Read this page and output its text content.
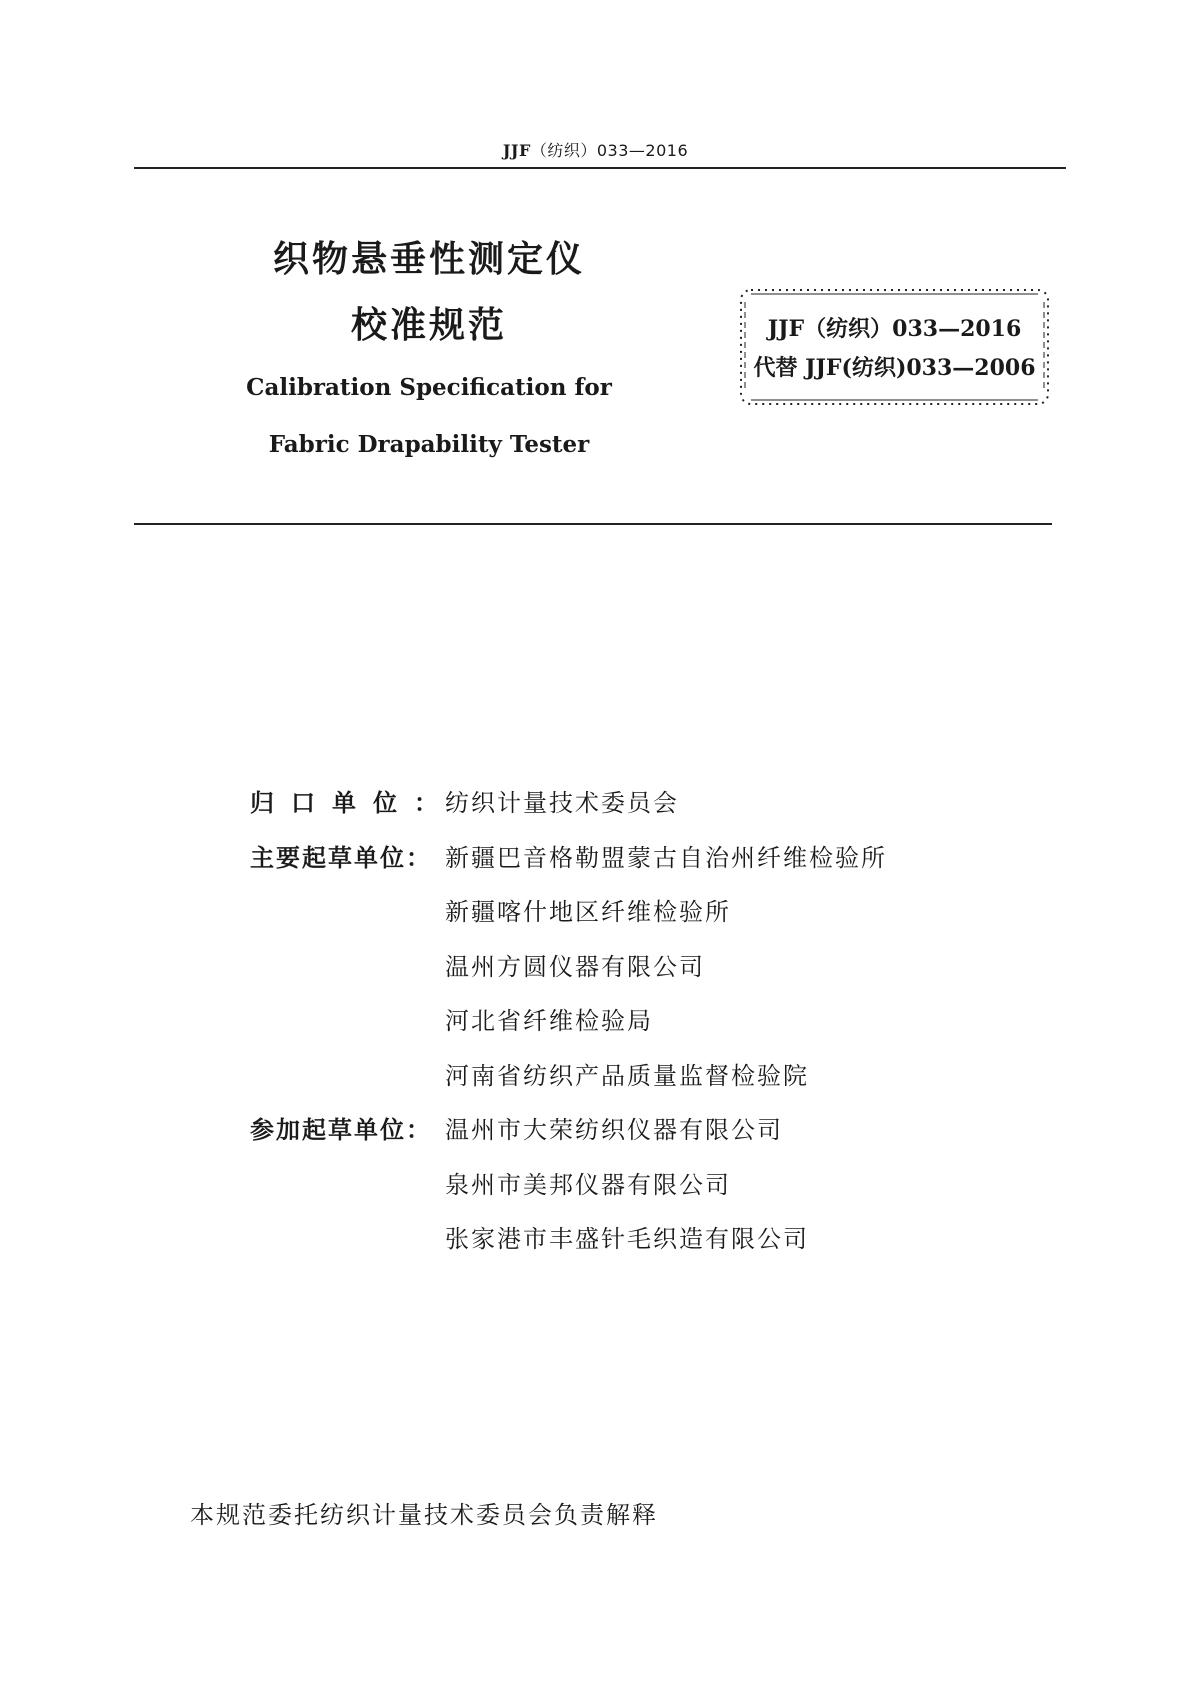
JJF（纺织）033—2016
织物悬垂性测定仪
校准规范
Calibration Specification for
Fabric Drapability Tester
JJF（纺织）033—2016
代替 JJF(纺织)033—2006
归口单位：
纺织计量技术委员会
主要起草单位： 新疆巴音格勒盟蒙古自治州纤维检验所
新疆喀什地区纤维检验所
温州方圆仪器有限公司
河北省纤维检验局
河南省纺织产品质量监督检验院
参加起草单位： 温州市大荣纺织仪器有限公司
泉州市美邦仪器有限公司
张家港市丰盛针毛织造有限公司
本规范委托纺织计量技术委员会负责解释
